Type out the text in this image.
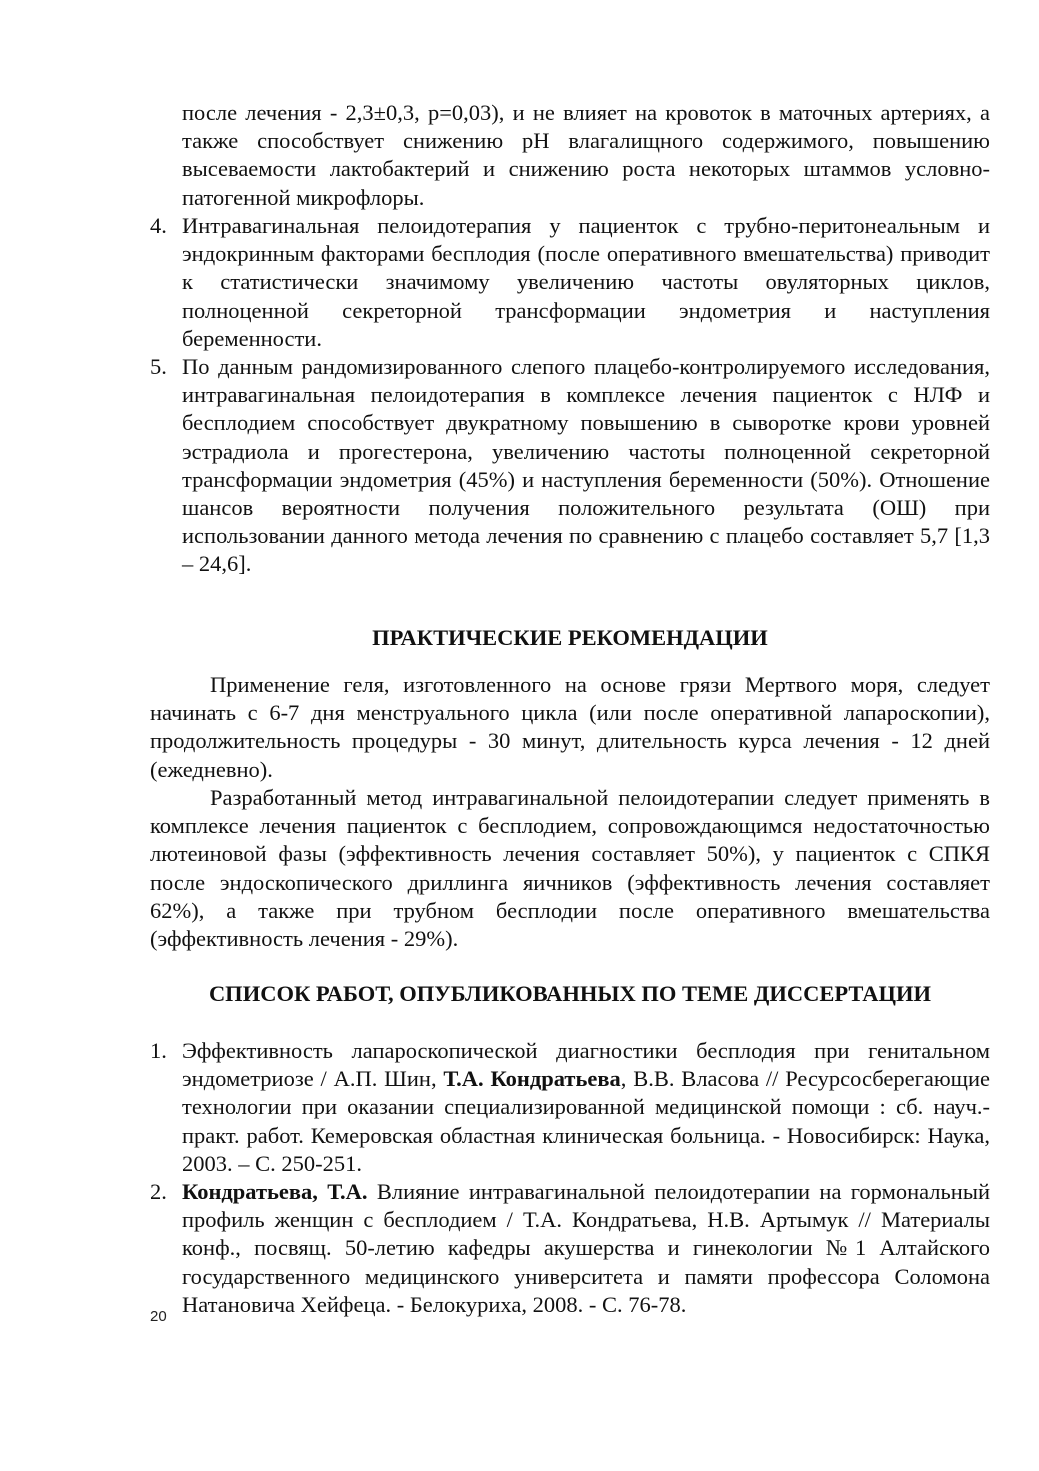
после лечения - 2,3±0,3, p=0,03), и не влияет на кровоток в маточных артериях, а также способствует снижению pH влагалищного содержимого, повышению высеваемости лактобактерий и снижению роста некоторых штаммов условно-патогенной микрофлоры.

4. Интравагинальная пелоидотерапия у пациенток с трубно-перитонеальным и эндокринным факторами бесплодия (после оперативного вмешательства) приводит к статистически значимому увеличению частоты овуляторных циклов, полноценной секреторной трансформации эндометрия и наступления беременности.
5. По данным рандомизированного слепого плацебо-контролируемого исследования, интравагинальная пелоидотерапия в комплексе лечения пациенток с НЛФ и бесплодием способствует двукратному повышению в сыворотке крови уровней эстрадиола и прогестерона, увеличению частоты полноценной секреторной трансформации эндометрия (45%) и наступления беременности (50%). Отношение шансов вероятности получения положительного результата (ОШ) при использовании данного метода лечения по сравнению с плацебо составляет 5,7 [1,3 – 24,6].
ПРАКТИЧЕСКИЕ РЕКОМЕНДАЦИИ

Применение геля, изготовленного на основе грязи Мертвого моря, следует начинать с 6-7 дня менструального цикла (или после оперативной лапароскопии), продолжительность процедуры - 30 минут, длительность курса лечения - 12 дней (ежедневно).

Разработанный метод интравагинальной пелоидотерапии следует применять в комплексе лечения пациенток с бесплодием, сопровождающимся недостаточностью лютеиновой фазы (эффективность лечения составляет 50%), у пациенток с СПКЯ после эндоскопического дриллинга яичников (эффективность лечения составляет 62%), а также при трубном бесплодии после оперативного вмешательства (эффективность лечения - 29%).

СПИСОК РАБОТ, ОПУБЛИКОВАННЫХ ПО ТЕМЕ ДИССЕРТАЦИИ
1. Эффективность лапароскопической диагностики бесплодия при генитальном эндометриозе / А.П. Шин, Т.А. Кондратьева, В.В. Власова // Ресурсосберегающие технологии при оказании специализированной медицинской помощи : сб. науч.-практ. работ. Кемеровская областная клиническая больница. - Новосибирск: Наука, 2003. – С. 250-251.
2. Кондратьева, Т.А. Влияние интравагинальной пелоидотерапии на гормональный профиль женщин с бесплодием / Т.А. Кондратьева, Н.В. Артымук // Материалы конф., посвящ. 50-летию кафедры акушерства и гинекологии №1 Алтайского государственного медицинского университета и памяти профессора Соломона Натановича Хейфеца. - Белокуриха, 2008. - С. 76-78.
20
